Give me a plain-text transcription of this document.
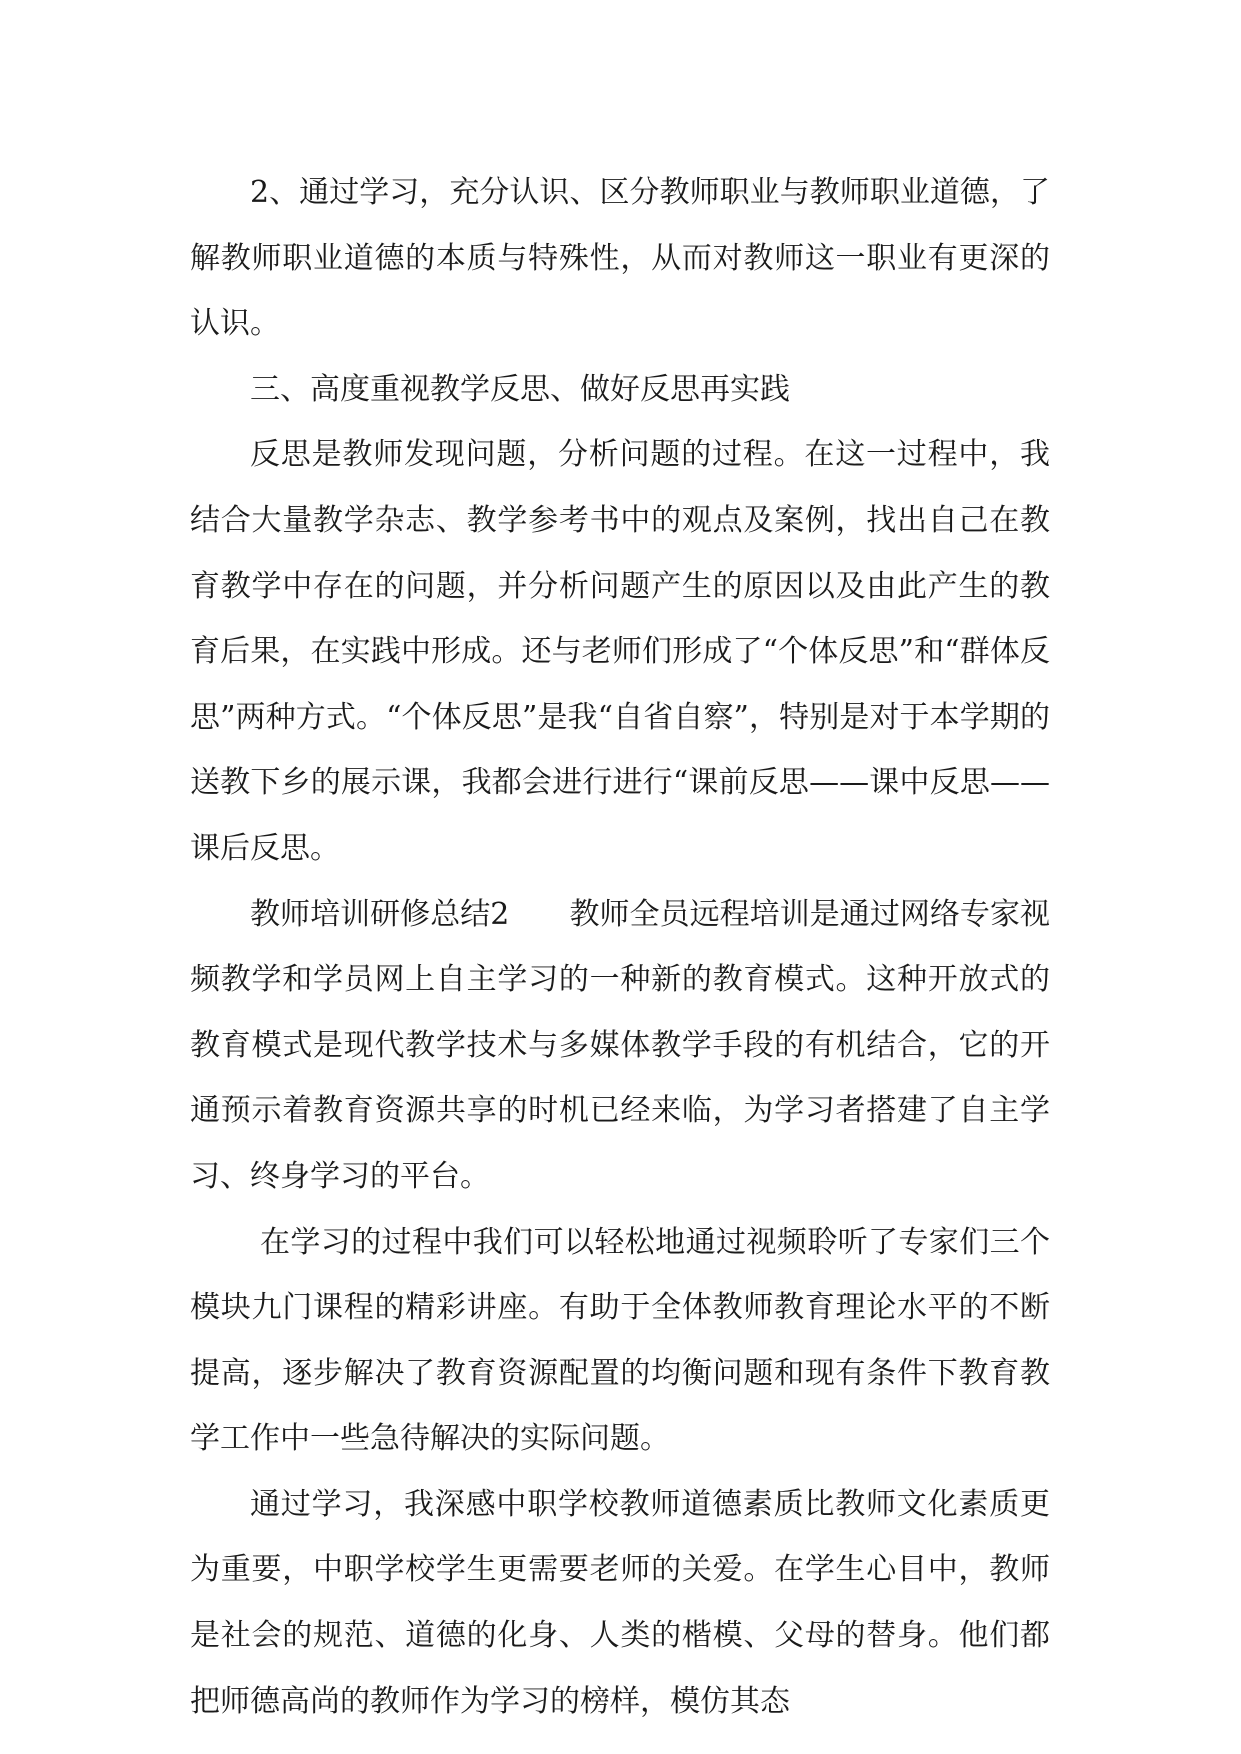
2、通过学习，充分认识、区分教师职业与教师职业道德，了解教师职业道德的本质与特殊性，从而对教师这一职业有更深的认识。

三、高度重视教学反思、做好反思再实践

反思是教师发现问题，分析问题的过程。在这一过程中，我结合大量教学杂志、教学参考书中的观点及案例，找出自己在教育教学中存在的问题，并分析问题产生的原因以及由此产生的教育后果，在实践中形成。还与老师们形成了“个体反思”和“群体反思”两种方式。“个体反思”是我“自省自察”，特别是对于本学期的送教下乡的展示课，我都会进行进行“课前反思——课中反思——课后反思。

教师培训研修总结2　　教师全员远程培训是通过网络专家视频教学和学员网上自主学习的一种新的教育模式。这种开放式的教育模式是现代教学技术与多媒体教学手段的有机结合，它的开通预示着教育资源共享的时机已经来临，为学习者搭建了自主学习、终身学习的平台。

在学习的过程中我们可以轻松地通过视频聆听了专家们三个模块九门课程的精彩讲座。有助于全体教师教育理论水平的不断提高，逐步解决了教育资源配置的均衡问题和现有条件下教育教学工作中一些急待解决的实际问题。

通过学习，我深感中职学校教师道德素质比教师文化素质更为重要，中职学校学生更需要老师的关爱。在学生心目中，教师是社会的规范、道德的化身、人类的楷模、父母的替身。他们都把师德高尚的教师作为学习的榜样，模仿其态
